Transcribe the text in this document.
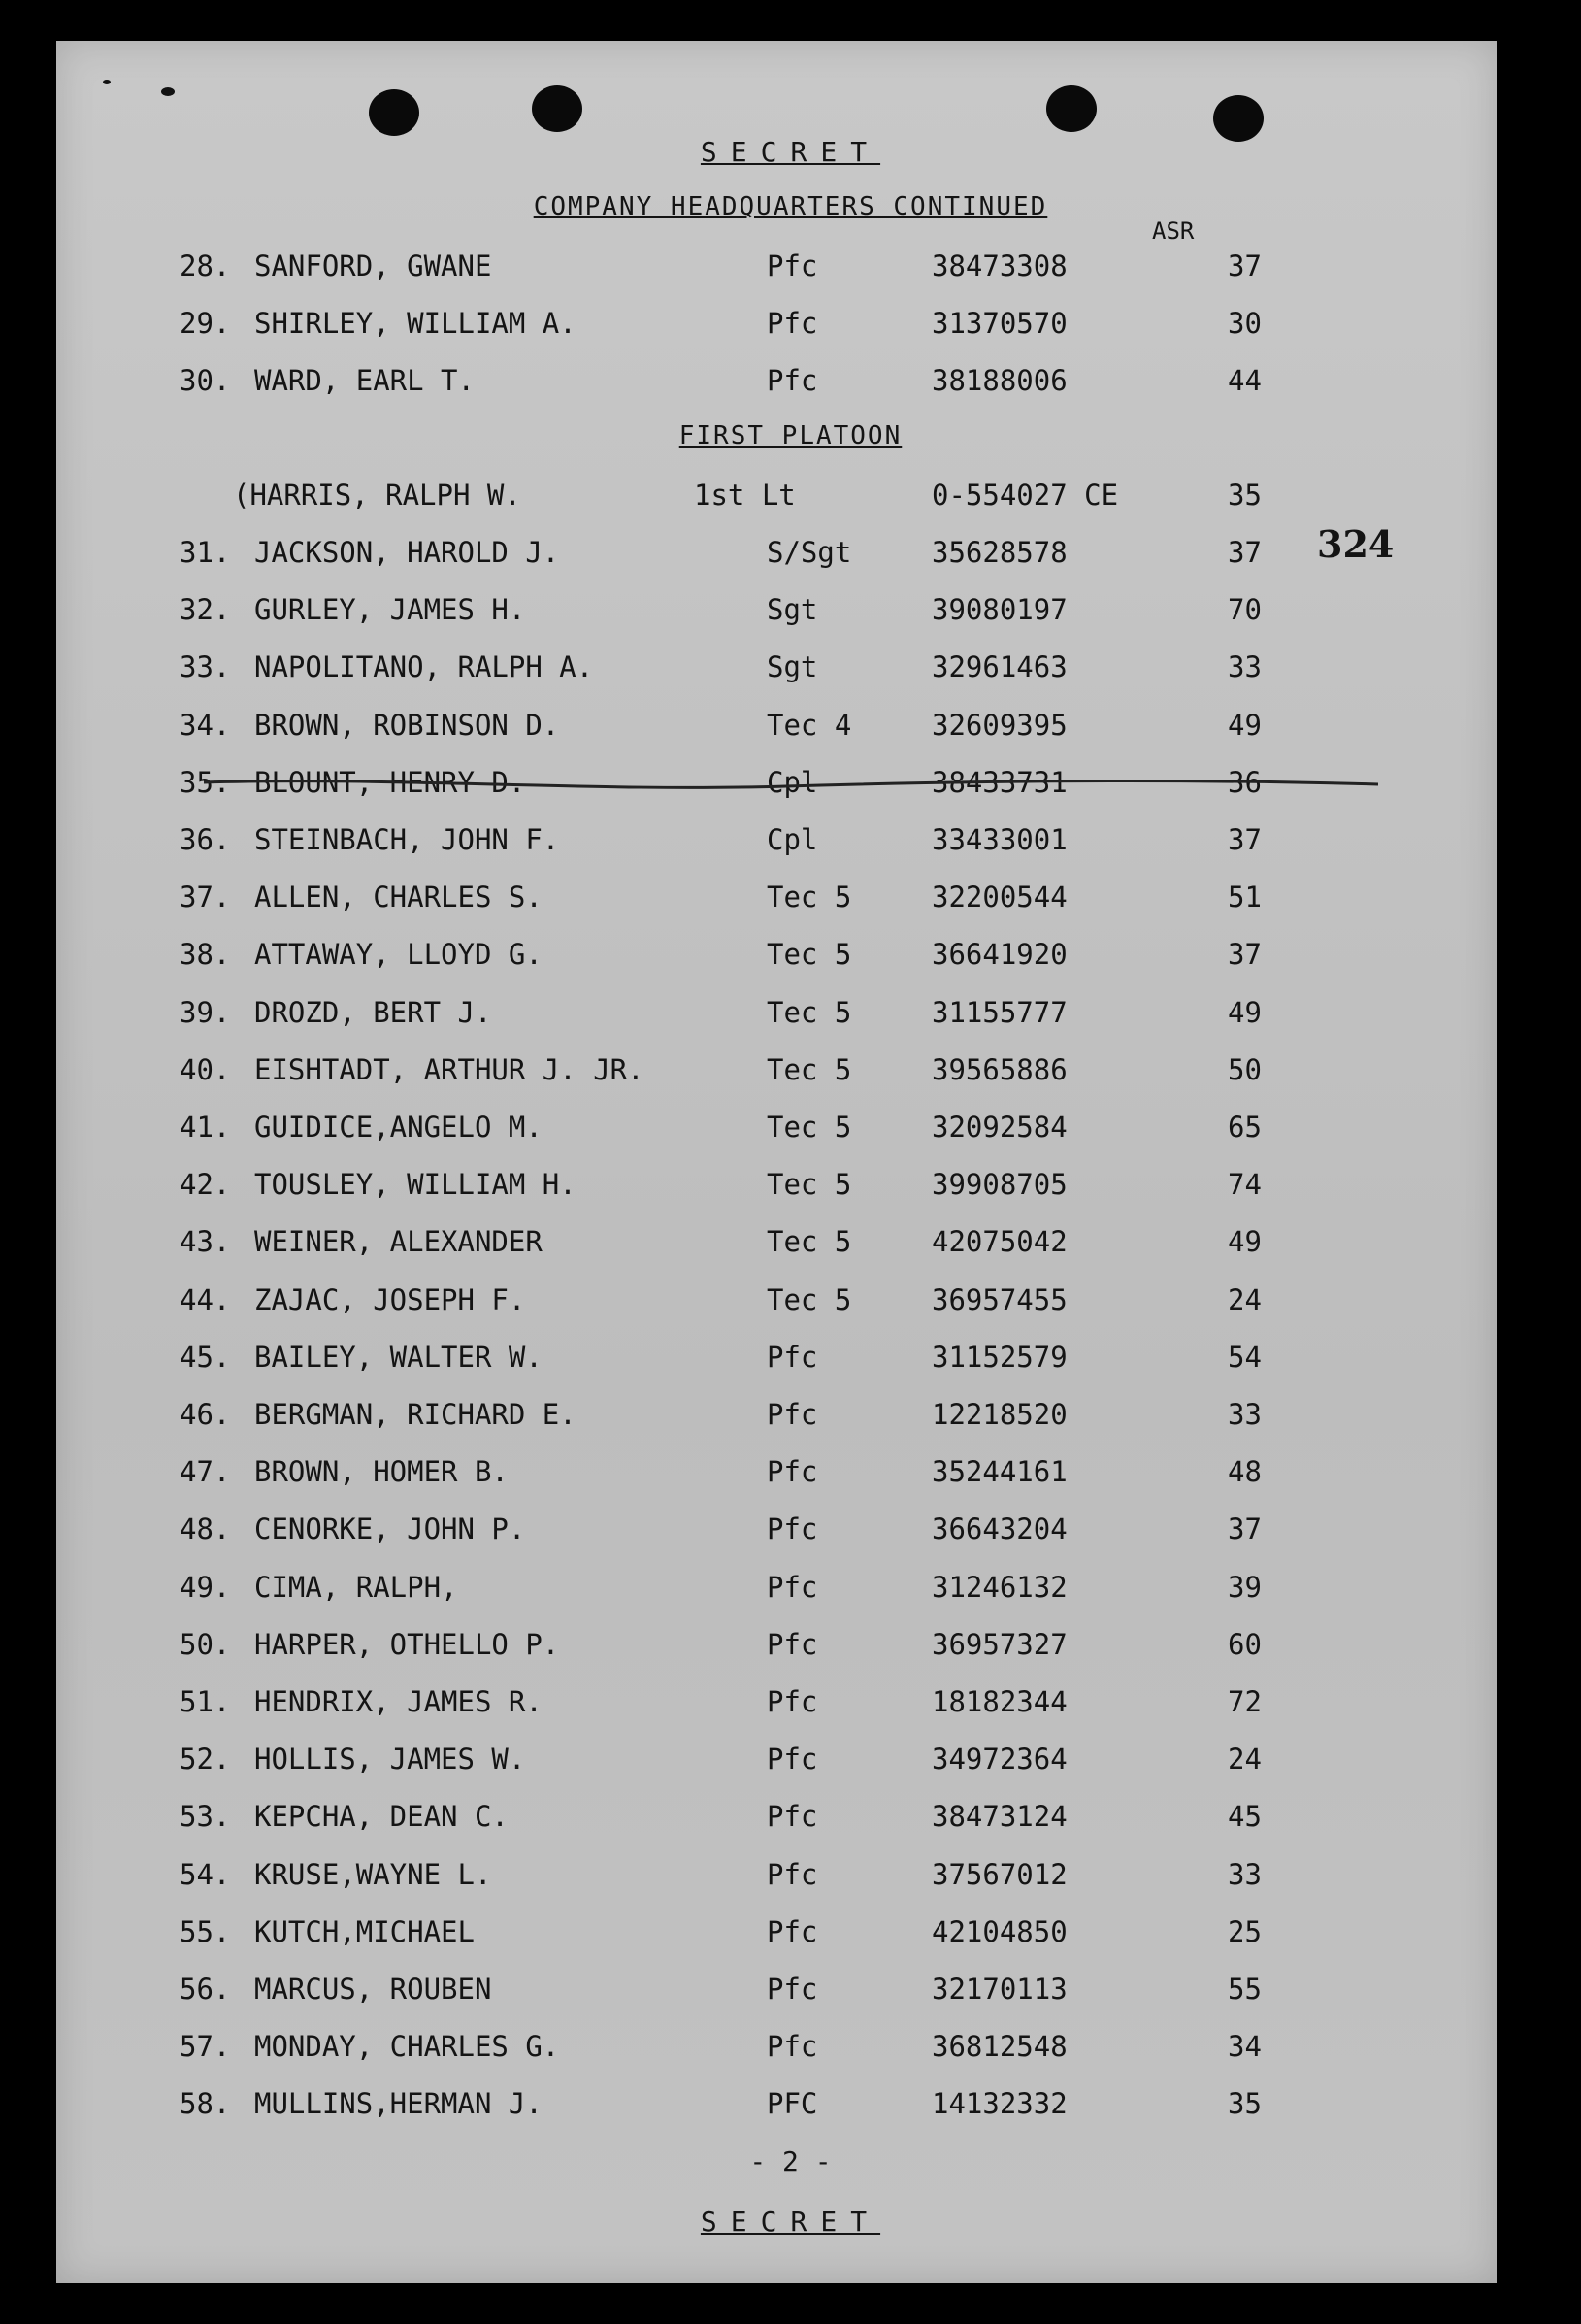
SECRET
COMPANY HEADQUARTERS CONTINUED
ASR
28. SANFORD, GWANE	Pfc	38473308	37
29. SHIRLEY, WILLIAM A.	Pfc	31370570	30
30. WARD, EARL T.	Pfc	38188006	44
FIRST PLATOON
(HARRIS, RALPH W.	1st Lt	0-554027 CE	35
324
31. JACKSON, HAROLD J.	S/Sgt	35628578	37
32. GURLEY, JAMES H.	Sgt	39080197	70
33. NAPOLITANO, RALPH A.	Sgt	32961463	33
34. BROWN, ROBINSON D.	Tec 4	32609395	49
35. BLOUNT, HENRY D.	Cpl	38433731	36
36. STEINBACH, JOHN F.	Cpl	33433001	37
37. ALLEN, CHARLES S.	Tec 5	32200544	51
38. ATTAWAY, LLOYD G.	Tec 5	36641920	37
39. DROZD, BERT J.	Tec 5	31155777	49
40. EISHTADT, ARTHUR J. JR.	Tec 5	39565886	50
41. GUIDICE,ANGELO M.	Tec 5	32092584	65
42. TOUSLEY, WILLIAM H.	Tec 5	39908705	74
43. WEINER, ALEXANDER	Tec 5	42075042	49
44. ZAJAC, JOSEPH F.	Tec 5	36957455	24
45. BAILEY, WALTER W.	Pfc	31152579	54
46. BERGMAN, RICHARD E.	Pfc	12218520	33
47. BROWN, HOMER B.	Pfc	35244161	48
48. CENORKE, JOHN P.	Pfc	36643204	37
49. CIMA, RALPH,	Pfc	31246132	39
50. HARPER, OTHELLO P.	Pfc	36957327	60
51. HENDRIX, JAMES R.	Pfc	18182344	72
52. HOLLIS, JAMES W.	Pfc	34972364	24
53. KEPCHA, DEAN C.	Pfc	38473124	45
54. KRUSE,WAYNE L.	Pfc	37567012	33
55. KUTCH,MICHAEL	Pfc	42104850	25
56. MARCUS, ROUBEN	Pfc	32170113	55
57. MONDAY, CHARLES G.	Pfc	36812548	34
58. MULLINS,HERMAN J.	PFC	14132332	35
- 2 -
SECRET
